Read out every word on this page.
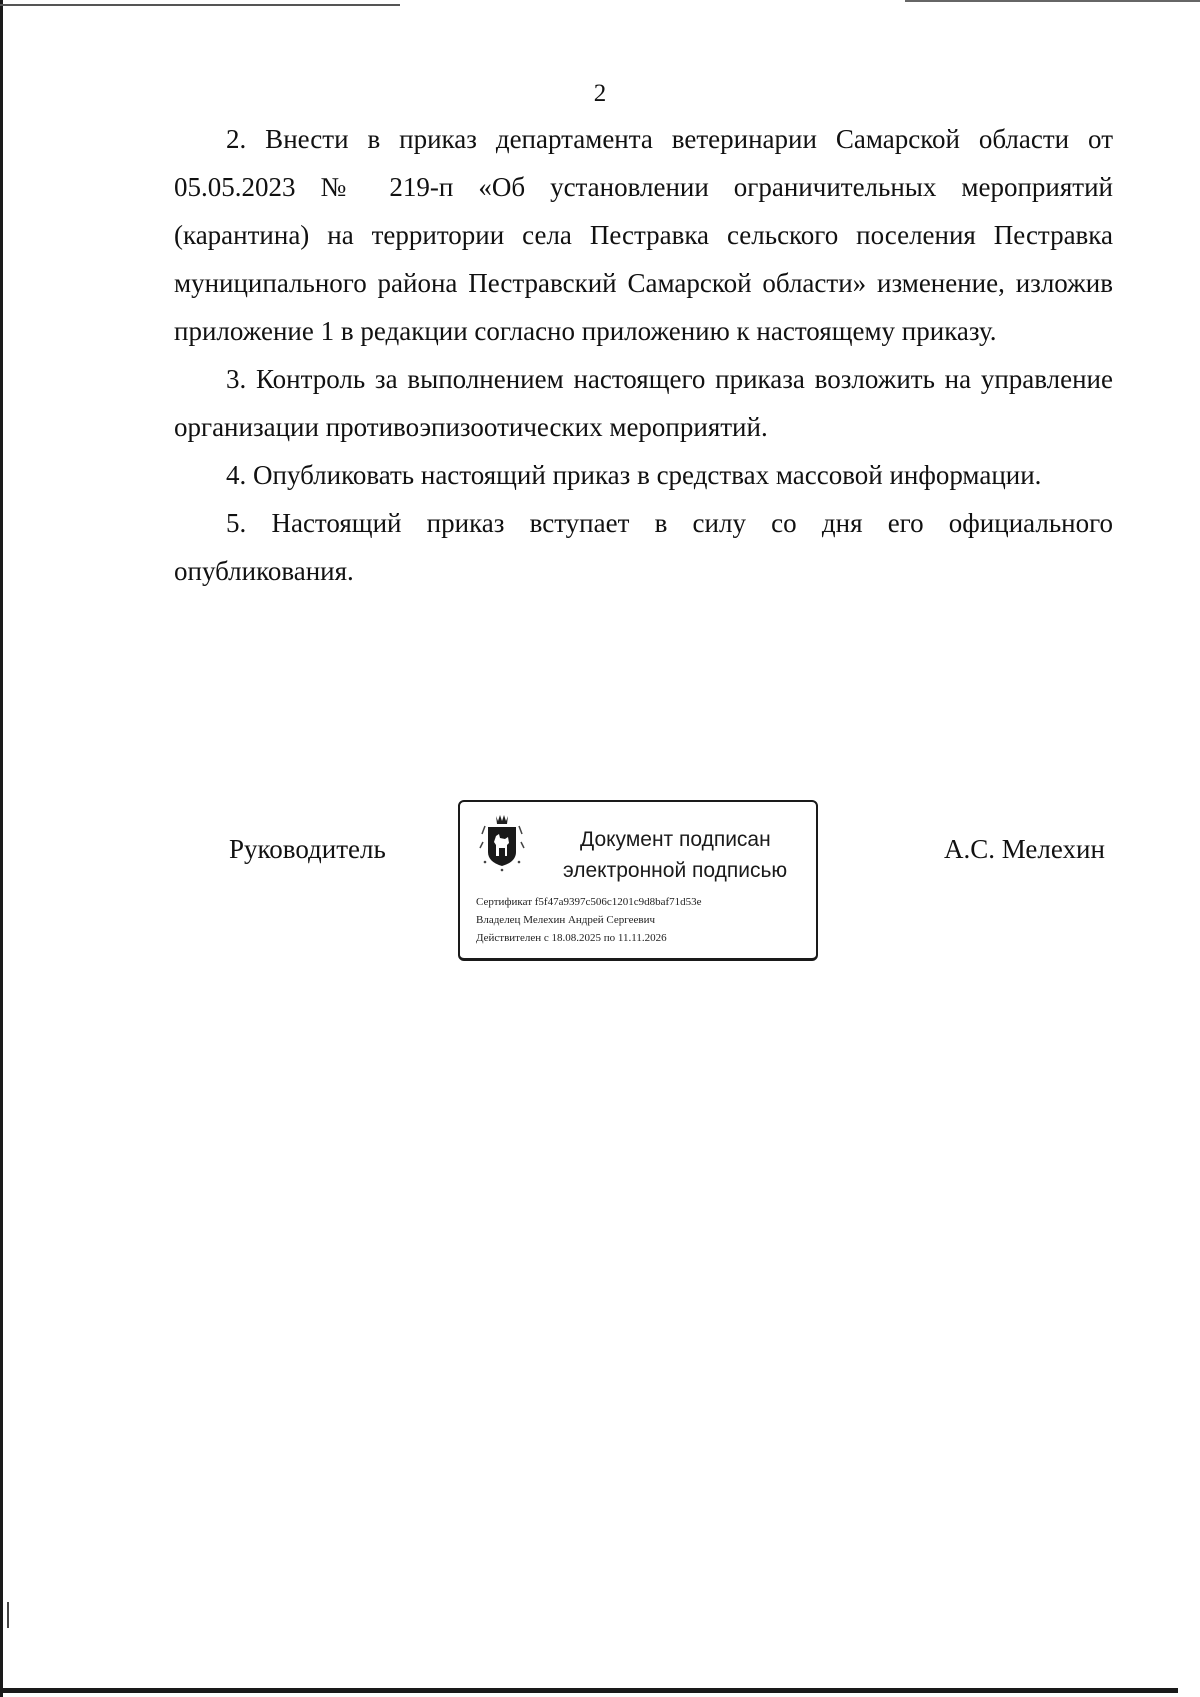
2

2. Внести в приказ департамента ветеринарии Самарской области от 05.05.2023 № 219-п «Об установлении ограничительных мероприятий (карантина) на территории села Пестравка сельского поселения Пестравка муниципального района Пестравский Самарской области» изменение, изложив приложение 1 в редакции согласно приложению к настоящему приказу.

3. Контроль за выполнением настоящего приказа возложить на управление организации противоэпизоотических мероприятий.

4. Опубликовать настоящий приказ в средствах массовой информации.

5. Настоящий приказ вступает в силу со дня его официального опубликования.

Руководитель	Документ подписан
электронной подписью
Сертификат f5f47a9397c506c1201c9d8baf71d53e
Владелец Мелехин Андрей Сергеевич
Действителен с 18.08.2025 по 11.11.2026
А.С. Мелехин
